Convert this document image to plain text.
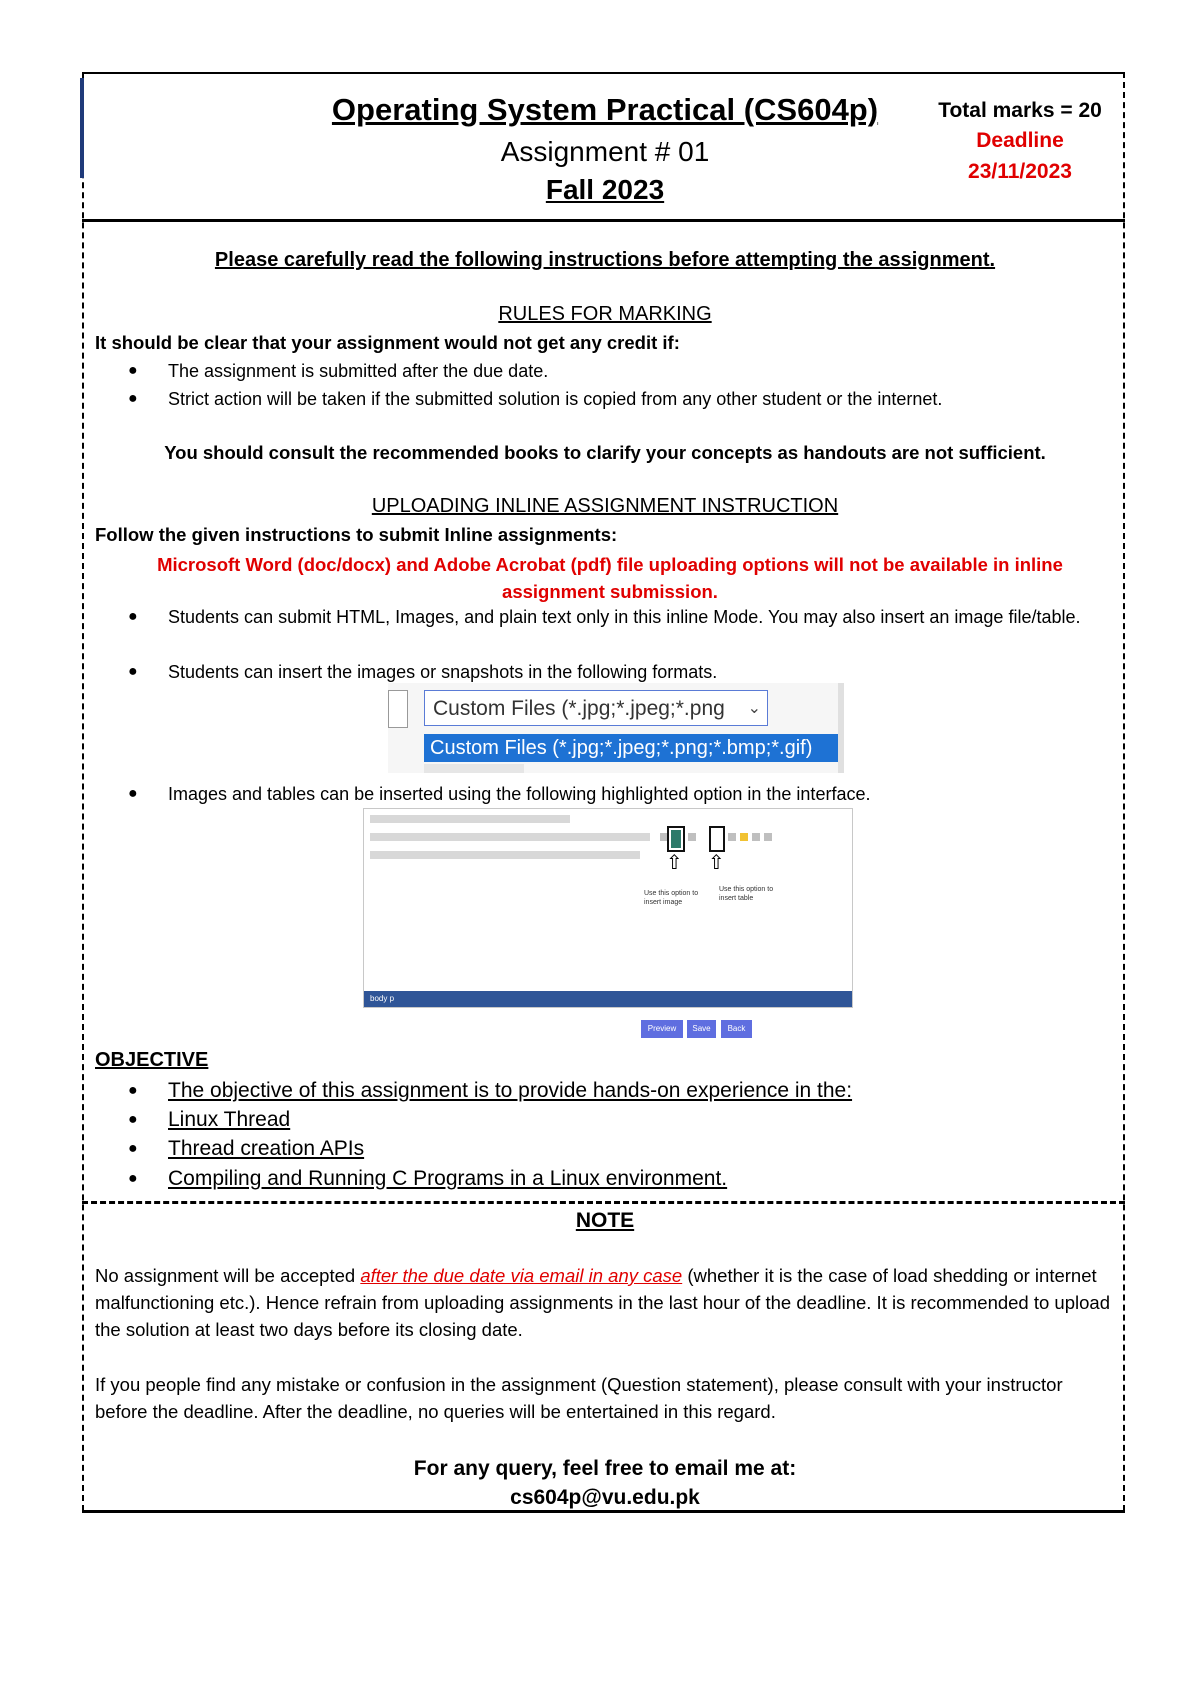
Operating System Practical (CS604p)
Assignment # 01
Fall 2023
Total marks = 20
Deadline
23/11/2023
Please carefully read the following instructions before attempting the assignment.
RULES FOR MARKING
It should be clear that your assignment would not get any credit if:
● The assignment is submitted after the due date.
● Strict action will be taken if the submitted solution is copied from any other student or the internet.
You should consult the recommended books to clarify your concepts as handouts are not sufficient.
UPLOADING INLINE ASSIGNMENT INSTRUCTION
Follow the given instructions to submit Inline assignments:
Microsoft Word (doc/docx) and Adobe Acrobat (pdf) file uploading options will not be available in inline assignment submission.
● Students can submit HTML, Images, and plain text only in this inline Mode. You may also insert an image file/table.
● Students can insert the images or snapshots in the following formats.
Custom Files (*.jpg;*.jpeg;*.png ⌄
Custom Files (*.jpg;*.jpeg;*.png;*.bmp;*.gif)
● Images and tables can be inserted using the following highlighted option in the interface.
⇧ ⇧
Use this option to insert image
Use this option to insert table
body p
Preview	Save	Back
OBJECTIVE
● The objective of this assignment is to provide hands-on experience in the:
● Linux Thread
● Thread creation APIs
● Compiling and Running C Programs in a Linux environment.
NOTE
No assignment will be accepted after the due date via email in any case (whether it is the case of load shedding or internet malfunctioning etc.). Hence refrain from uploading assignments in the last hour of the deadline. It is recommended to upload the solution at least two days before its closing date.
If you people find any mistake or confusion in the assignment (Question statement), please consult with your instructor before the deadline. After the deadline, no queries will be entertained in this regard.
For any query, feel free to email me at:
cs604p@vu.edu.pk
